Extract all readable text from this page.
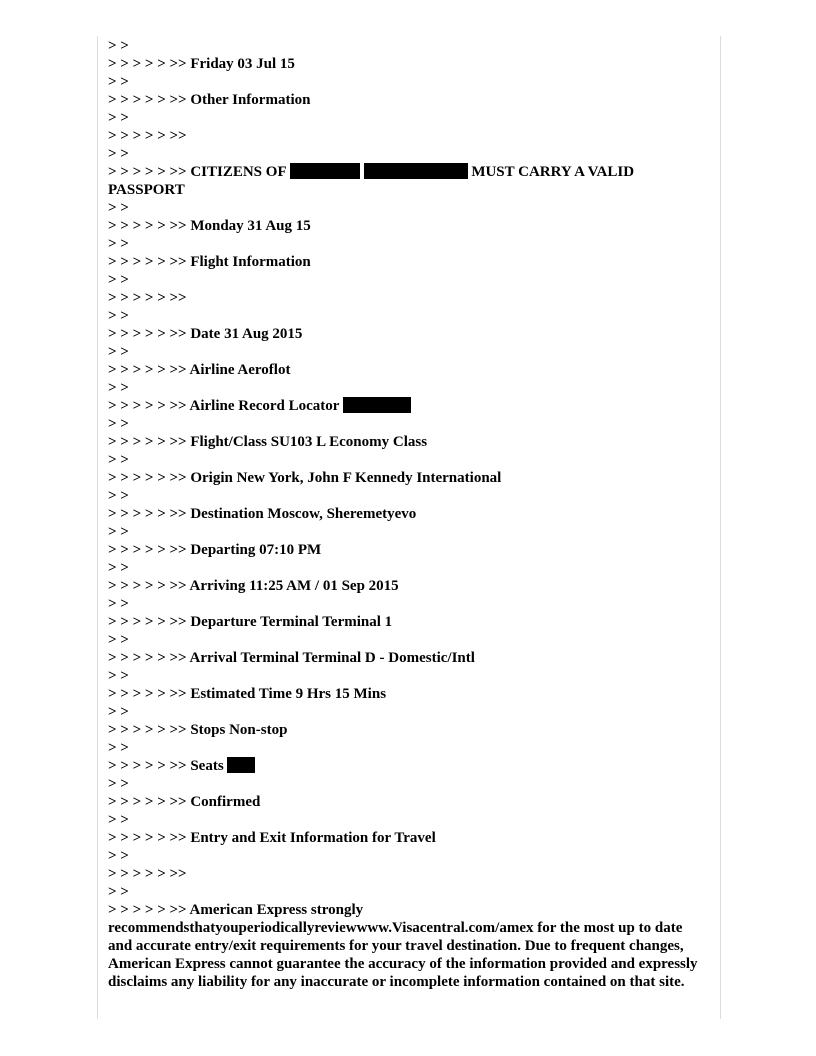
> >

> > > > > >> Friday 03 Jul 15

> >

> > > > > >> Other Information

> >

> > > > > >>

> >

> > > > > >> CITIZENS OF	MUST CARRY A VALID PASSPORT

> >

> > > > > >> Monday 31 Aug 15

> >

> > > > > >> Flight Information

> >

> > > > > >>

> >

> > > > > >> Date 31 Aug 2015

> >

> > > > > >> Airline Aeroflot

> >

> > > > > >> Airline Record Locator

> >

> > > > > >> Flight/Class SU103 L Economy Class

> >

> > > > > >> Origin New York, John F Kennedy International

> >

> > > > > >> Destination Moscow, Sheremetyevo

> >

> > > > > >> Departing 07:10 PM

> >

> > > > > >> Arriving 11:25 AM / 01 Sep 2015

> >

> > > > > >> Departure Terminal Terminal 1

> >

> > > > > >> Arrival Terminal Terminal D - Domestic/Intl

> >

> > > > > >> Estimated Time 9 Hrs 15 Mins

> >

> > > > > >> Stops Non-stop

> >

> > > > > >> Seats

> >

> > > > > >> Confirmed

> >

> > > > > >> Entry and Exit Information for Travel

> >

> > > > > >>

> >

> > > > > >> American Express strongly recommendsthatyouperiodicallyreviewwww.Visacentral.com/amex for the most up to date and accurate entry/exit requirements for your travel destination. Due to frequent changes, American Express cannot guarantee the accuracy of the information provided and expressly disclaims any liability for any inaccurate or incomplete information contained on that site.
